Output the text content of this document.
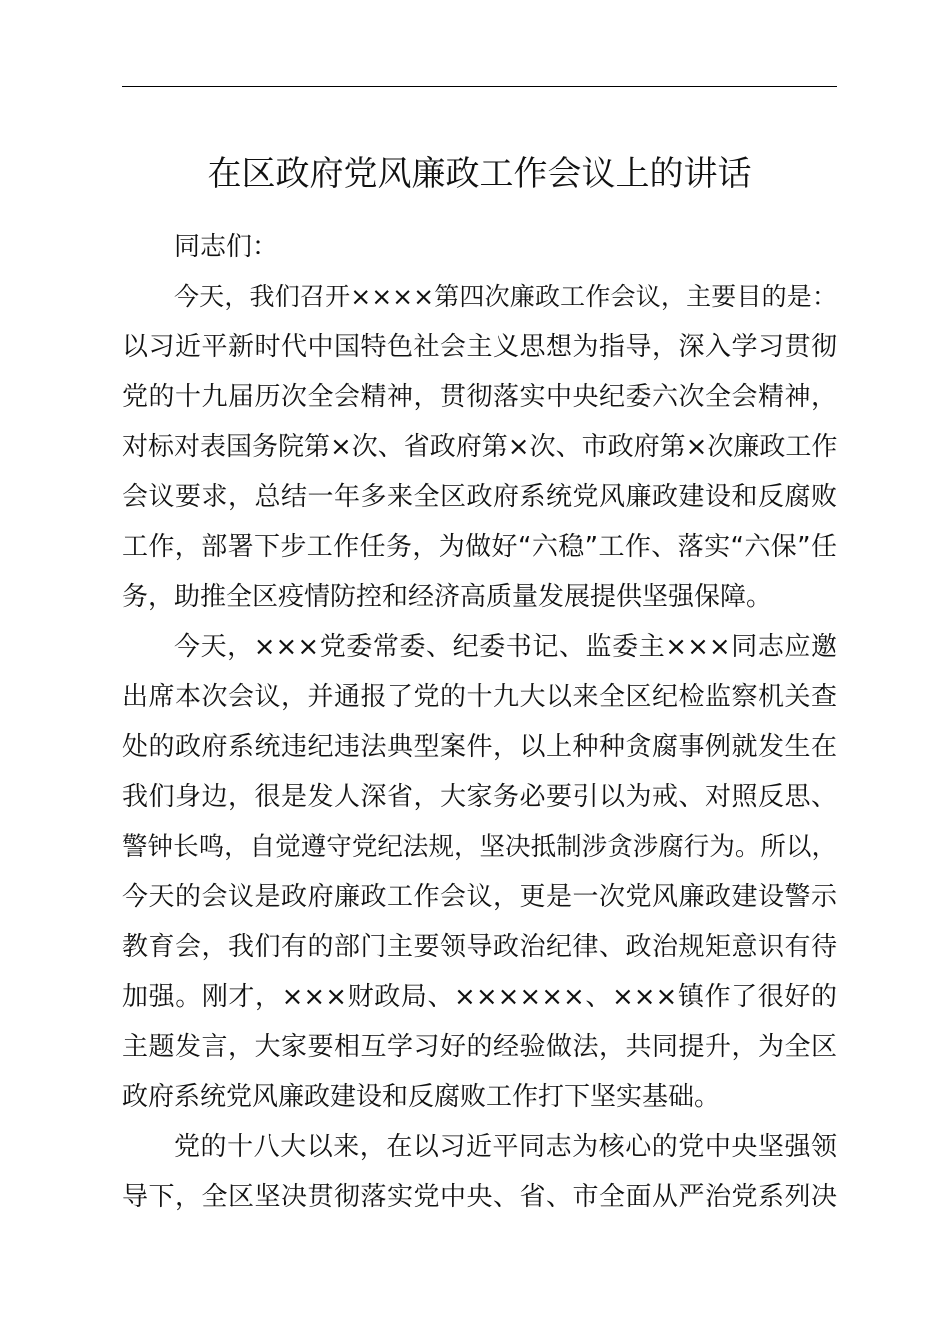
在区政府党风廉政工作会议上的讲话

同志们：

今天，我们召开××××第四次廉政工作会议，主要目的是：
以习近平新时代中国特色社会主义思想为指导，深入学习贯彻
党的十九届历次全会精神，贯彻落实中央纪委六次全会精神，
对标对表国务院第×次、省政府第×次、市政府第×次廉政工作
会议要求，总结一年多来全区政府系统党风廉政建设和反腐败
工作，部署下步工作任务，为做好“六稳”工作、落实“六保”任
务，助推全区疫情防控和经济高质量发展提供坚强保障。
今天，×××党委常委、纪委书记、监委主×××同志应邀
出席本次会议，并通报了党的十九大以来全区纪检监察机关查
处的政府系统违纪违法典型案件，以上种种贪腐事例就发生在
我们身边，很是发人深省，大家务必要引以为戒、对照反思、
警钟长鸣，自觉遵守党纪法规，坚决抵制涉贪涉腐行为。所以，
今天的会议是政府廉政工作会议，更是一次党风廉政建设警示
教育会，我们有的部门主要领导政治纪律、政治规矩意识有待
加强。刚才，×××财政局、××××××、×××镇作了很好的
主题发言，大家要相互学习好的经验做法，共同提升，为全区
政府系统党风廉政建设和反腐败工作打下坚实基础。
党的十八大以来，在以习近平同志为核心的党中央坚强领
导下，全区坚决贯彻落实党中央、省、市全面从严治党系列决
